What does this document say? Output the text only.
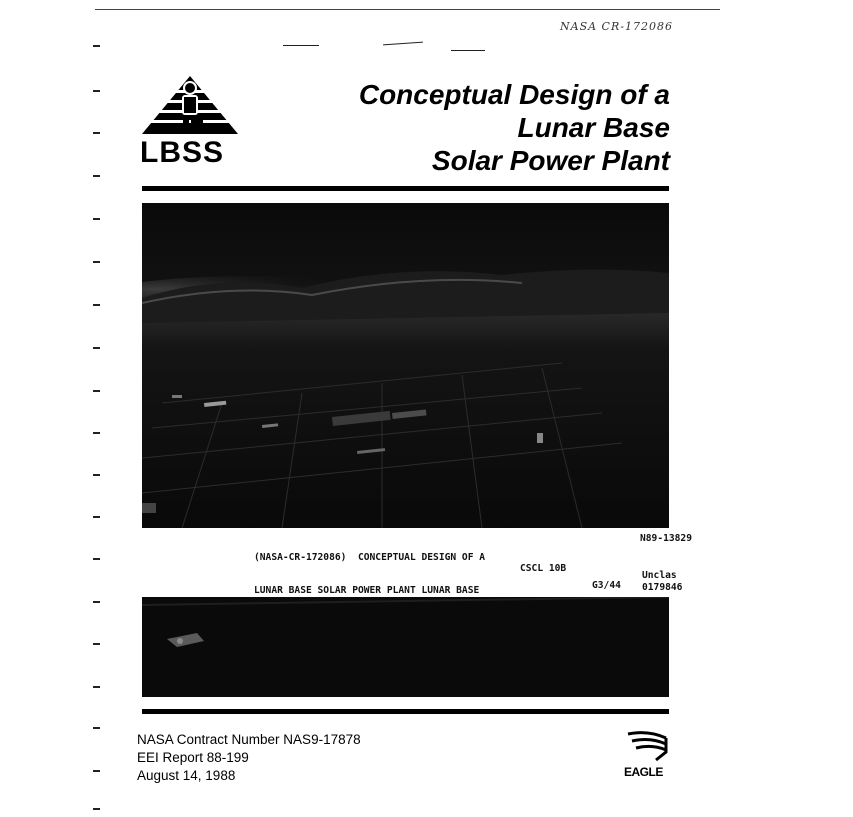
NASA CR-172086
LBSS
Conceptual Design of a
Lunar Base
Solar Power Plant

(NASA-CR-172086)  CONCEPTUAL DESIGN OF A

LUNAR BASE SOLAR POWER PLANT LUNAR BASE

CSCL 10B
G3/44
N89-13829
Unclas
0179846
NASA Contract Number NAS9-17878
EEI Report 88-199
August 14, 1988	EAGLE
